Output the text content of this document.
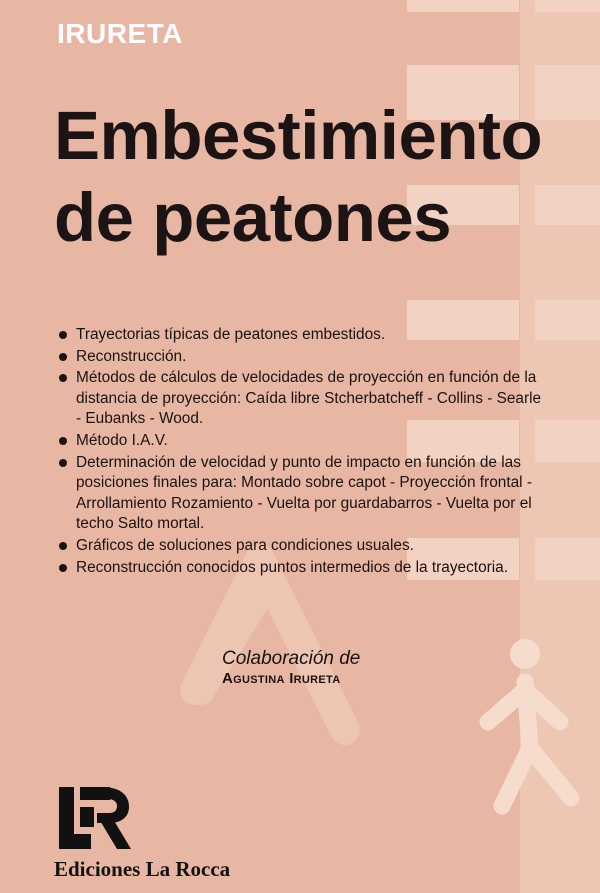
IRURETA
Embestimiento
de peatones
Trayectorias típicas de peatones embestidos.
Reconstrucción.
Métodos de cálculos de velocidades de proyección en función de la distancia de proyección: Caída libre Stcherbatcheff - Collins - Searle - Eubanks - Wood.
Método I.A.V.
Determinación de velocidad y punto de impacto en función de las posiciones finales para: Montado sobre capot - Proyección frontal - Arrollamiento Rozamiento - Vuelta por guardabarros - Vuelta por el techo Salto mortal.
Gráficos de soluciones para condiciones usuales.
Reconstrucción conocidos puntos intermedios de la trayectoria.
Colaboración de
Agustina Irureta
Ediciones La Rocca
